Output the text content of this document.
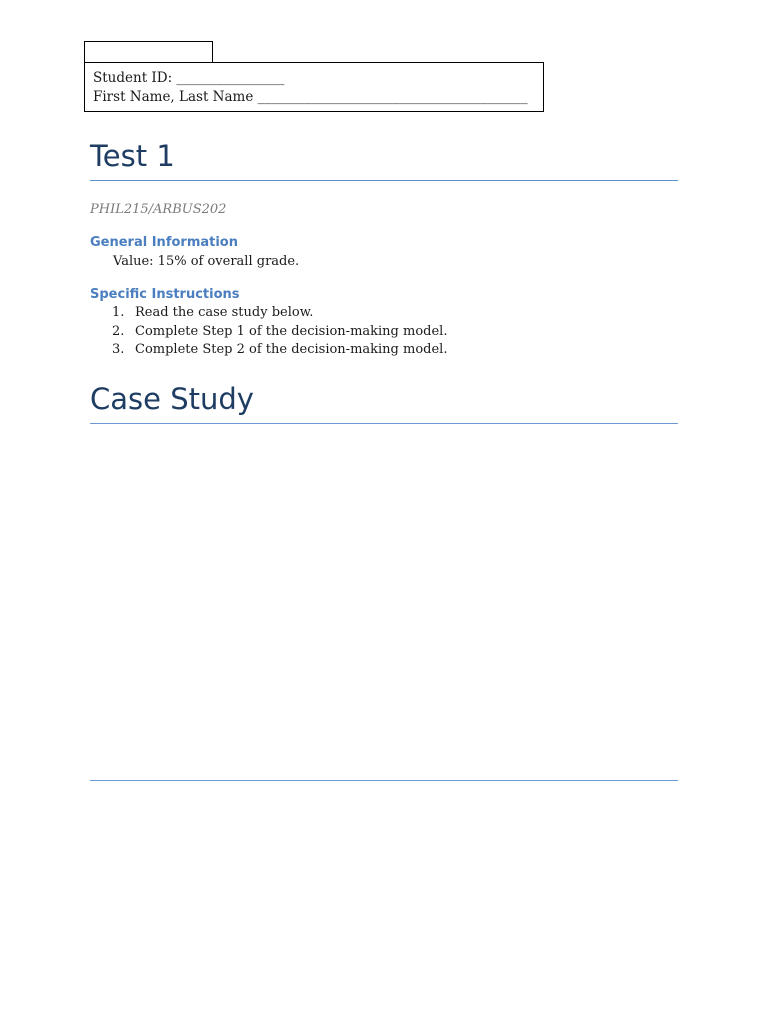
Student ID: ________________
First Name, Last Name ________________________________________
Test 1
PHIL215/ARBUS202
General Information
Value: 15% of overall grade.
Specific Instructions
1. Read the case study below.
2. Complete Step 1 of the decision-making model.
3. Complete Step 2 of the decision-making model.
Case Study
